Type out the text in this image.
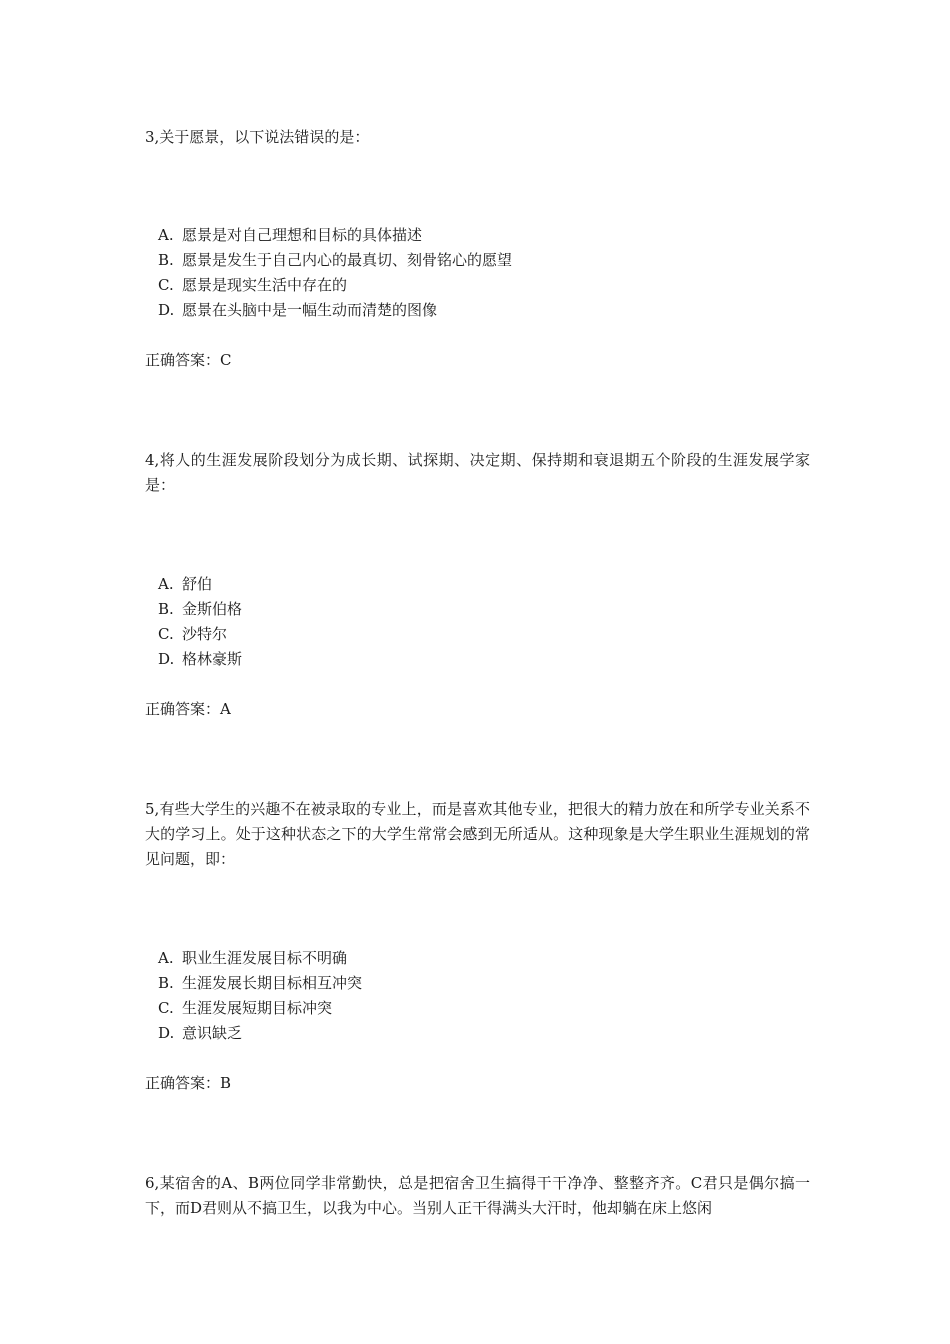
3,关于愿景，以下说法错误的是：

A. 愿景是对自己理想和目标的具体描述
B. 愿景是发生于自己内心的最真切、刻骨铭心的愿望
C. 愿景是现实生活中存在的
D. 愿景在头脑中是一幅生动而清楚的图像

正确答案：C

4,将人的生涯发展阶段划分为成长期、试探期、决定期、保持期和衰退期五个阶段的生涯发展学家是：

A. 舒伯
B. 金斯伯格
C. 沙特尔
D. 格林豪斯

正确答案：A

5,有些大学生的兴趣不在被录取的专业上，而是喜欢其他专业，把很大的精力放在和所学专业关系不大的学习上。处于这种状态之下的大学生常常会感到无所适从。这种现象是大学生职业生涯规划的常见问题，即：

A. 职业生涯发展目标不明确
B. 生涯发展长期目标相互冲突
C. 生涯发展短期目标冲突
D. 意识缺乏

正确答案：B

6,某宿舍的A、B两位同学非常勤快，总是把宿舍卫生搞得干干净净、整整齐齐。C君只是偶尔搞一下，而D君则从不搞卫生，以我为中心。当别人正干得满头大汗时，他却躺在床上悠闲
